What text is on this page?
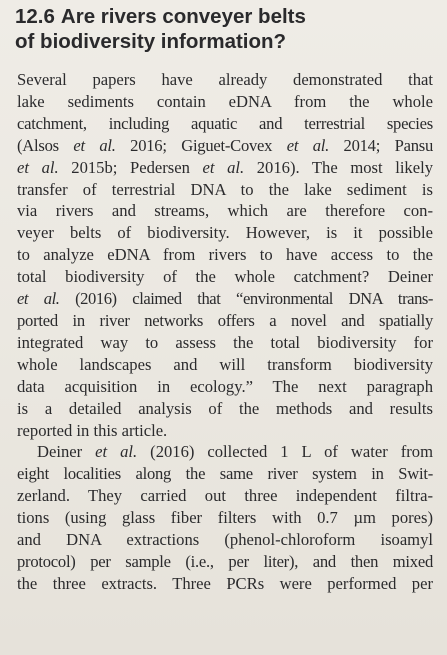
12.6 Are rivers conveyer belts
of biodiversity information?
Several papers have already demonstrated that
lake sediments contain eDNA from the whole
catchment, including aquatic and terrestrial species
(Alsos et al. 2016; Giguet-Covex et al. 2014; Pansu
et al. 2015b; Pedersen et al. 2016). The most likely
transfer of terrestrial DNA to the lake sediment is
via rivers and streams, which are therefore con-
veyer belts of biodiversity. However, is it possible
to analyze eDNA from rivers to have access to the
total biodiversity of the whole catchment? Deiner
et al. (2016) claimed that “environmental DNA trans-
ported in river networks offers a novel and spatially
integrated way to assess the total biodiversity for
whole landscapes and will transform biodiversity
data acquisition in ecology.” The next paragraph
is a detailed analysis of the methods and results
reported in this article.
Deiner et al. (2016) collected 1 L of water from
eight localities along the same river system in Swit-
zerland. They carried out three independent filtra-
tions (using glass fiber filters with 0.7 µm pores)
and DNA extractions (phenol-chloroform isoamyl
protocol) per sample (i.e., per liter), and then mixed
the three extracts. Three PCRs were performed per
